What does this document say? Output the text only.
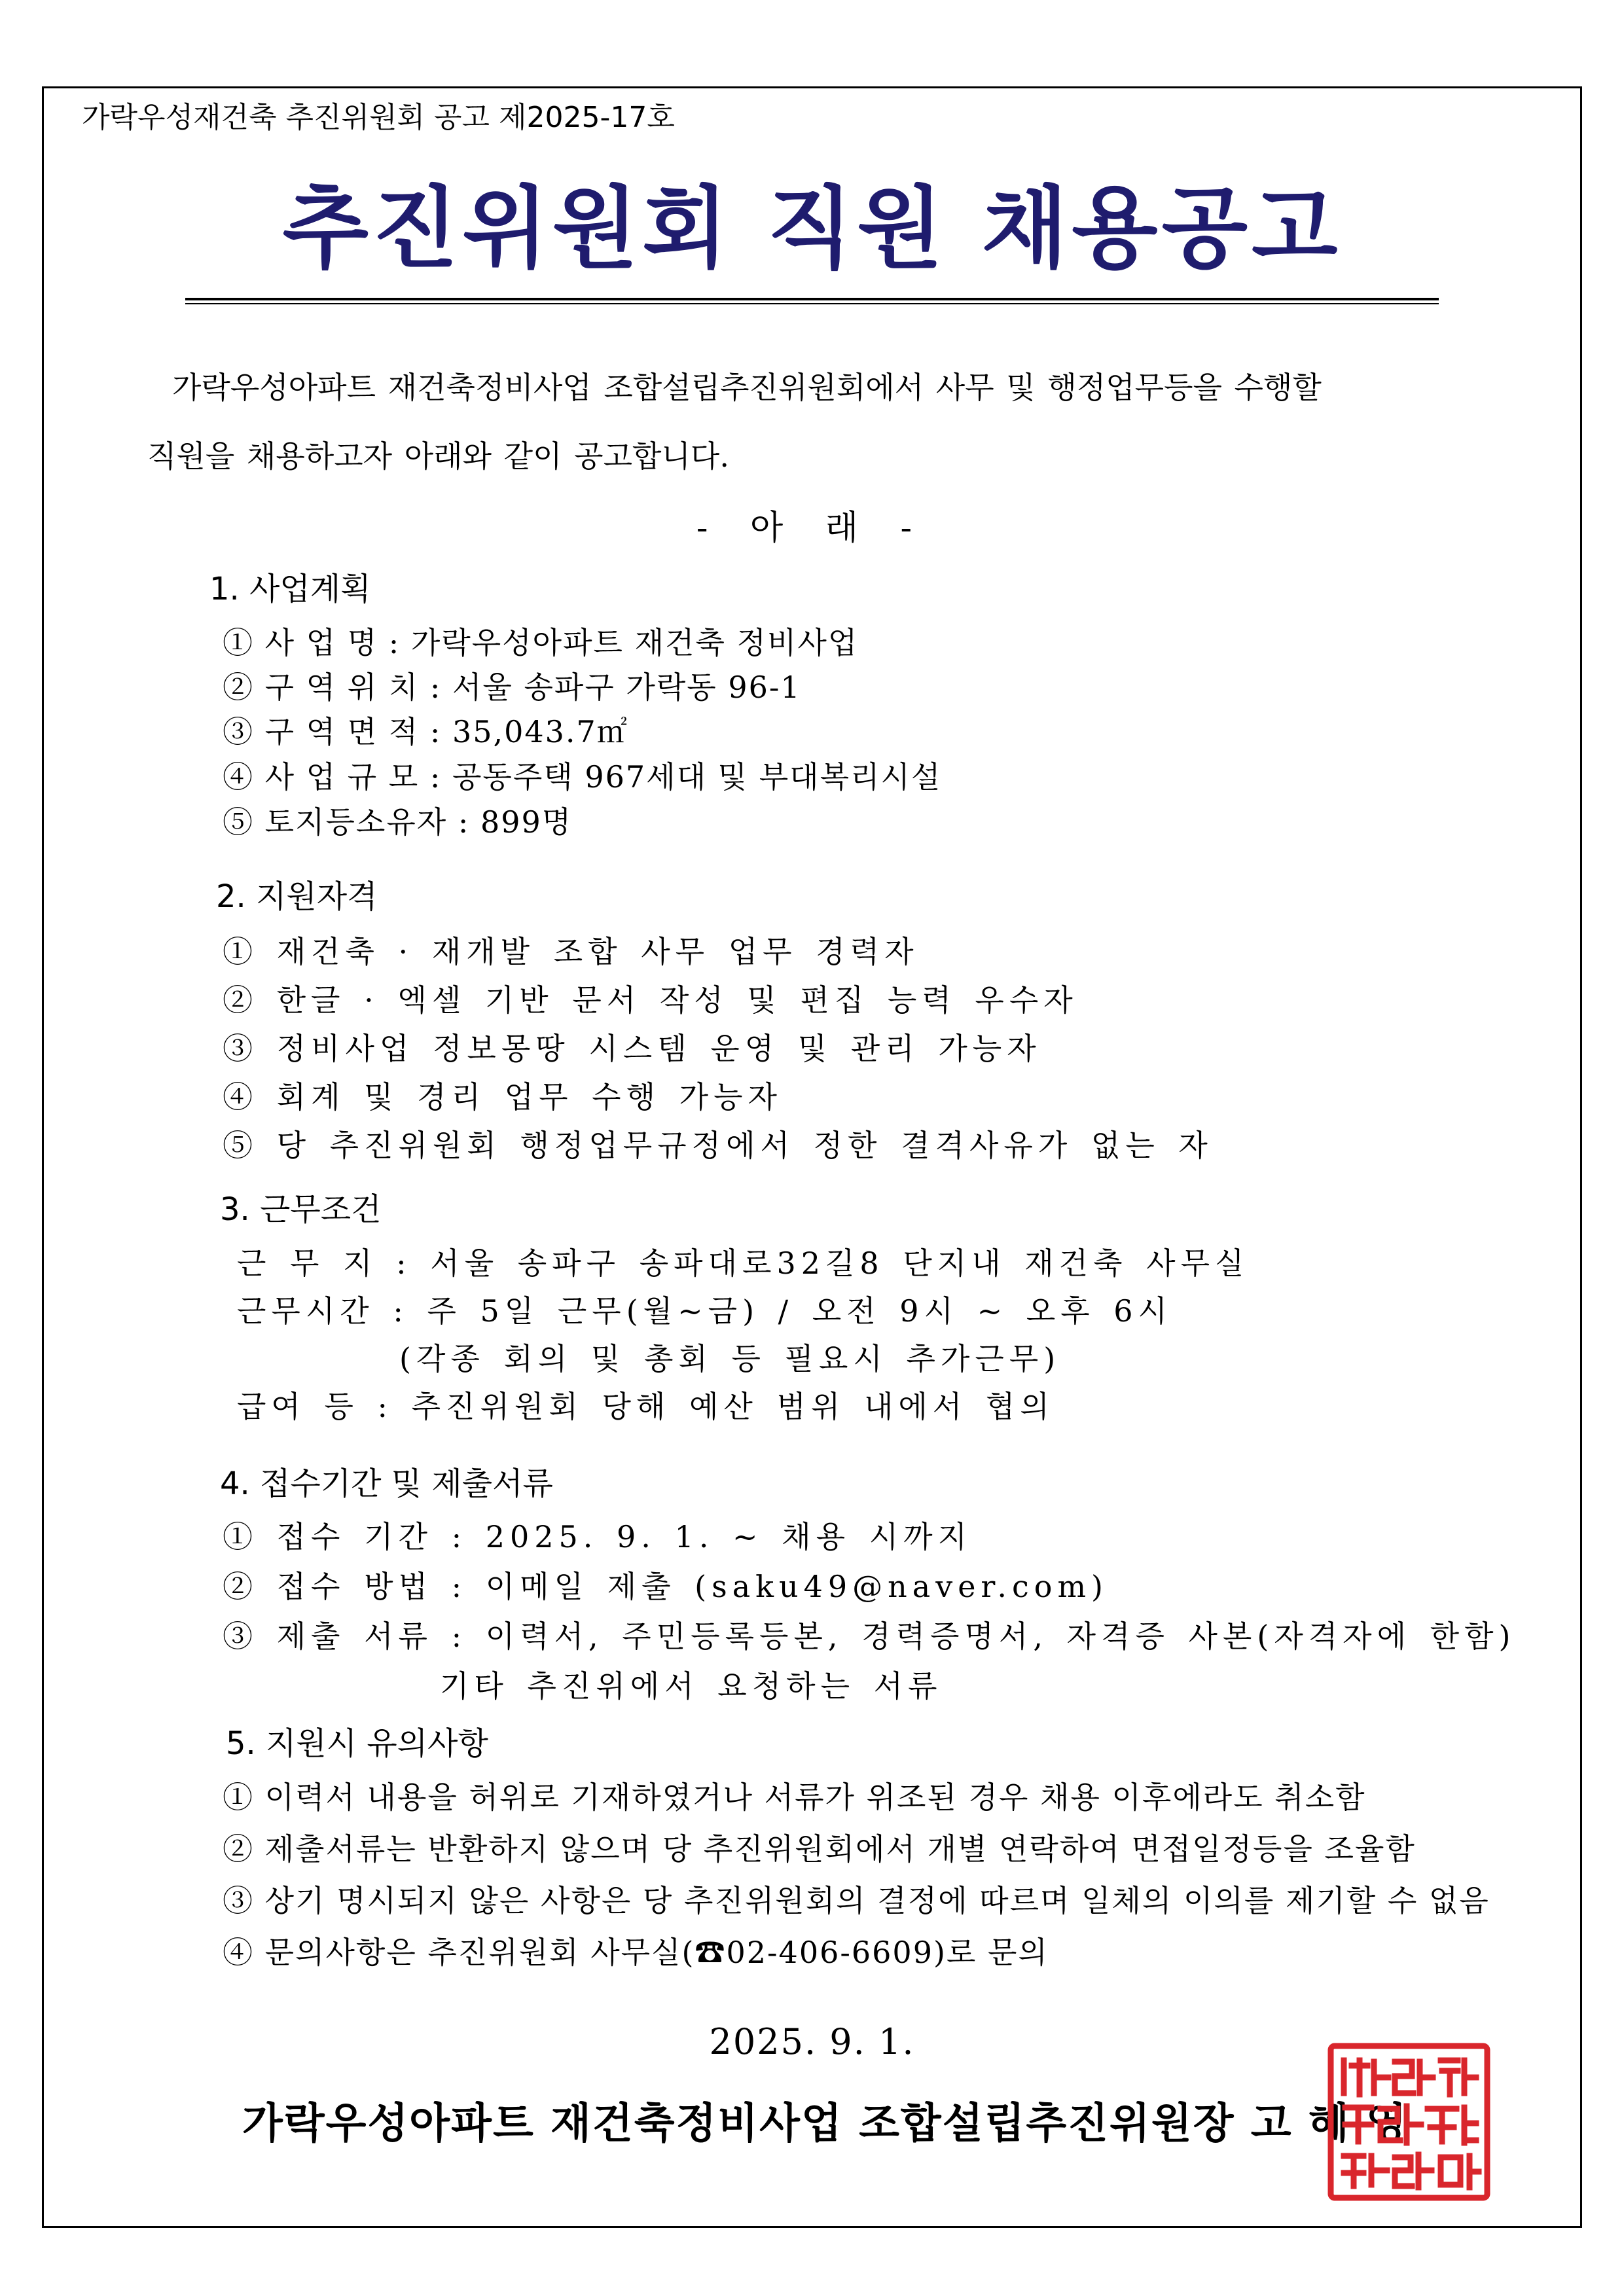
가락우성재건축 추진위원회 공고 제2025-17호
추진위원회 직원 채용공고
가락우성아파트 재건축정비사업 조합설립추진위원회에서 사무 및 행정업무등을 수행할
직원을 채용하고자 아래와 같이 공고합니다.
- 아 래 -
1. 사업계획
① 사 업 명 : 가락우성아파트 재건축 정비사업
② 구 역 위 치 : 서울 송파구 가락동 96-1
③ 구 역 면 적 : 35,043.7㎡
④ 사 업 규 모 : 공동주택 967세대 및 부대복리시설
⑤ 토지등소유자 : 899명
2. 지원자격
① 재건축 · 재개발 조합 사무 업무 경력자
② 한글 · 엑셀 기반 문서 작성 및 편집 능력 우수자
③ 정비사업 정보몽땅 시스템 운영 및 관리 가능자
④ 회계 및 경리 업무 수행 가능자
⑤ 당 추진위원회 행정업무규정에서 정한 결격사유가 없는 자
3. 근무조건
근 무 지 : 서울 송파구 송파대로32길8 단지내 재건축 사무실
근무시간 : 주 5일 근무(월~금) / 오전 9시 ~ 오후 6시
(각종 회의 및 총회 등 필요시 추가근무)
급여 등 : 추진위원회 당해 예산 범위 내에서 협의
4. 접수기간 및 제출서류
① 접수 기간 : 2025. 9. 1. ~ 채용 시까지
② 접수 방법 : 이메일 제출 (saku49@naver.com)
③ 제출 서류 : 이력서, 주민등록등본, 경력증명서, 자격증 사본(자격자에 한함)
기타 추진위에서 요청하는 서류
5. 지원시 유의사항
① 이력서 내용을 허위로 기재하였거나 서류가 위조된 경우 채용 이후에라도 취소함
② 제출서류는 반환하지 않으며 당 추진위원회에서 개별 연락하여 면접일정등을 조율함
③ 상기 명시되지 않은 사항은 당 추진위원회의 결정에 따르며 일체의 이의를 제기할 수 없음
④ 문의사항은 추진위원회 사무실(☎02-406-6609)로 문의
2025. 9. 1.
가락우성아파트 재건축정비사업 조합설립추진위원장 고 혜 영
